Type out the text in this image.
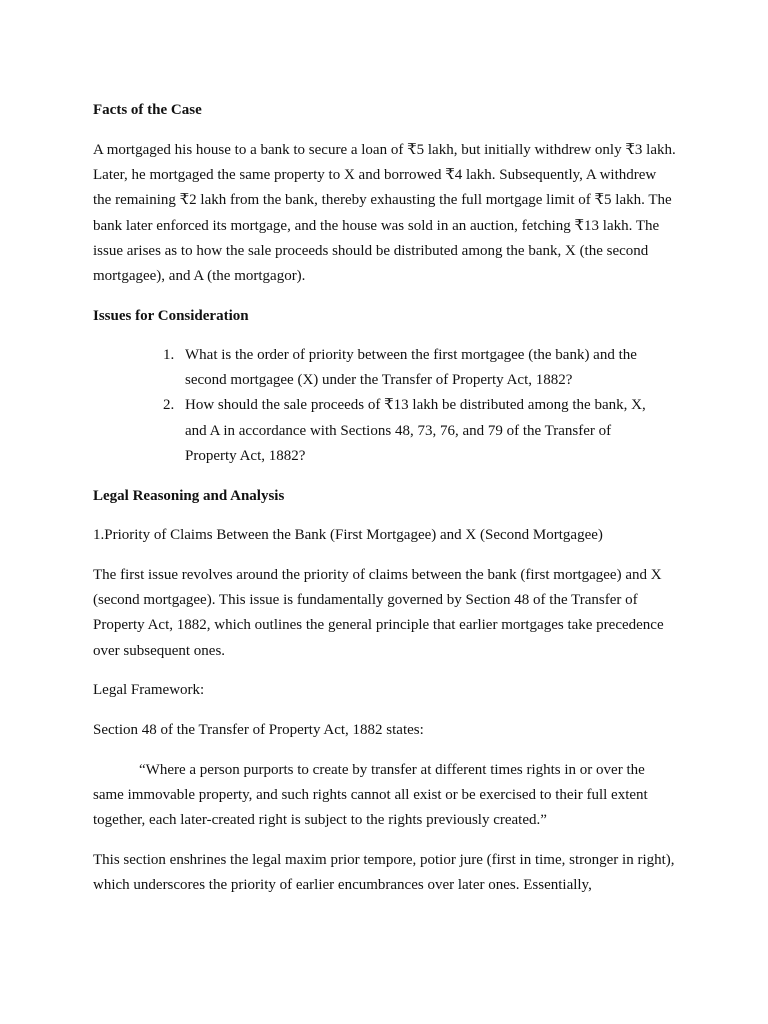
Facts of the Case

A mortgaged his house to a bank to secure a loan of ₹5 lakh, but initially withdrew only ₹3 lakh. Later, he mortgaged the same property to X and borrowed ₹4 lakh. Subsequently, A withdrew the remaining ₹2 lakh from the bank, thereby exhausting the full mortgage limit of ₹5 lakh. The bank later enforced its mortgage, and the house was sold in an auction, fetching ₹13 lakh. The issue arises as to how the sale proceeds should be distributed among the bank, X (the second mortgagee), and A (the mortgagor).

Issues for Consideration
1. What is the order of priority between the first mortgagee (the bank) and the second mortgagee (X) under the Transfer of Property Act, 1882?
2. How should the sale proceeds of ₹13 lakh be distributed among the bank, X, and A in accordance with Sections 48, 73, 76, and 79 of the Transfer of Property Act, 1882?
Legal Reasoning and Analysis

1.Priority of Claims Between the Bank (First Mortgagee) and X (Second Mortgagee)

The first issue revolves around the priority of claims between the bank (first mortgagee) and X (second mortgagee). This issue is fundamentally governed by Section 48 of the Transfer of Property Act, 1882, which outlines the general principle that earlier mortgages take precedence over subsequent ones.

Legal Framework:

Section 48 of the Transfer of Property Act, 1882 states:

“Where a person purports to create by transfer at different times rights in or over the same immovable property, and such rights cannot all exist or be exercised to their full extent together, each later-created right is subject to the rights previously created.”

This section enshrines the legal maxim prior tempore, potior jure (first in time, stronger in right), which underscores the priority of earlier encumbrances over later ones. Essentially,
